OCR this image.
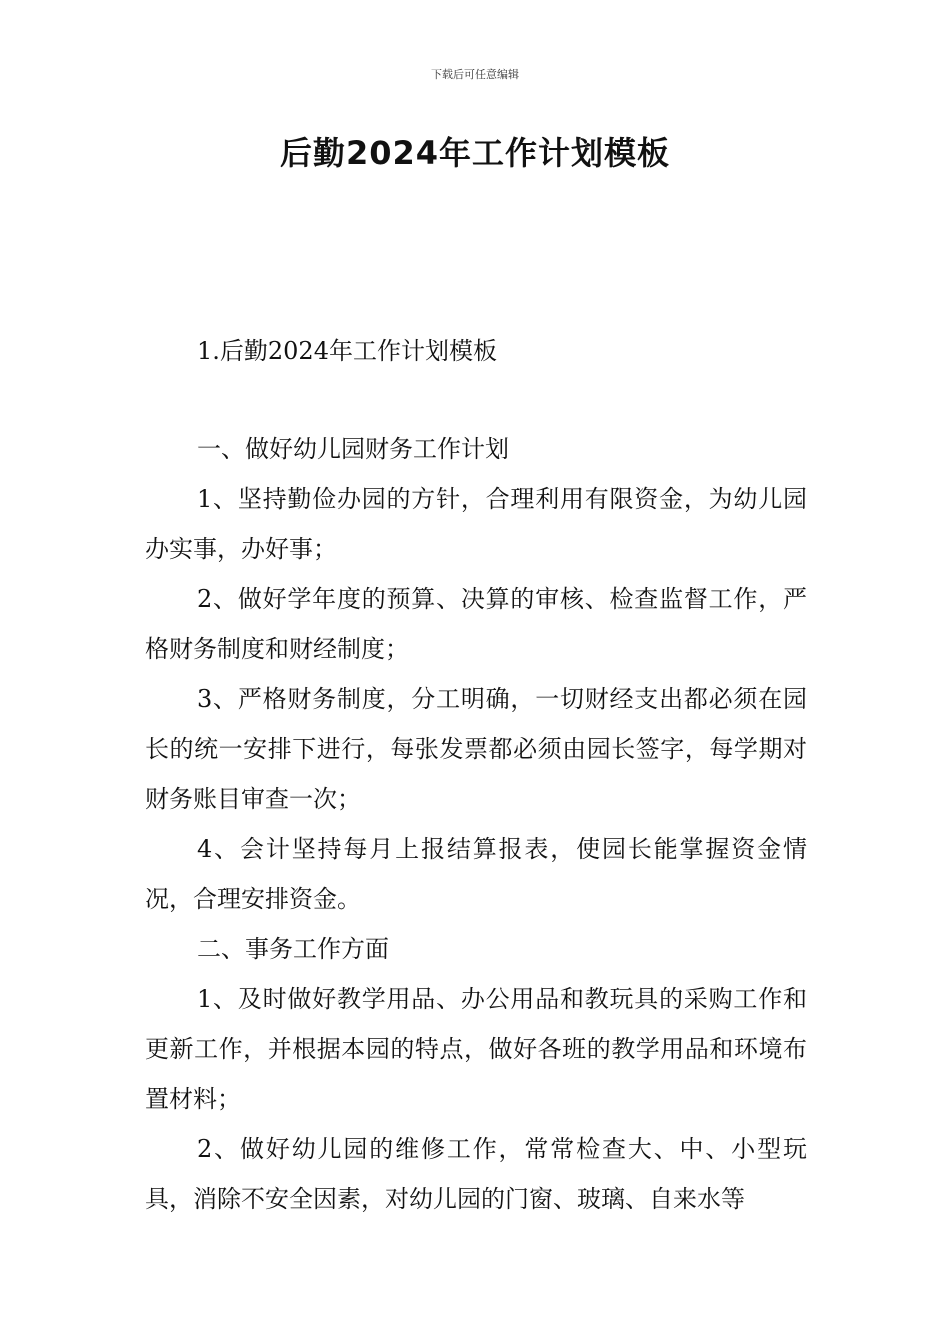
下载后可任意编辑
后勤2024年工作计划模板

1.后勤2024年工作计划模板

一、做好幼儿园财务工作计划

1、坚持勤俭办园的方针，合理利用有限资金，为幼儿园办实事，办好事；

2、做好学年度的预算、决算的审核、检查监督工作，严格财务制度和财经制度；

3、严格财务制度，分工明确，一切财经支出都必须在园长的统一安排下进行，每张发票都必须由园长签字，每学期对财务账目审查一次；

4、会计坚持每月上报结算报表，使园长能掌握资金情况，合理安排资金。

二、事务工作方面

1、及时做好教学用品、办公用品和教玩具的采购工作和更新工作，并根据本园的特点，做好各班的教学用品和环境布置材料；

2、做好幼儿园的维修工作，常常检查大、中、小型玩具，消除不安全因素，对幼儿园的门窗、玻璃、自来水等
